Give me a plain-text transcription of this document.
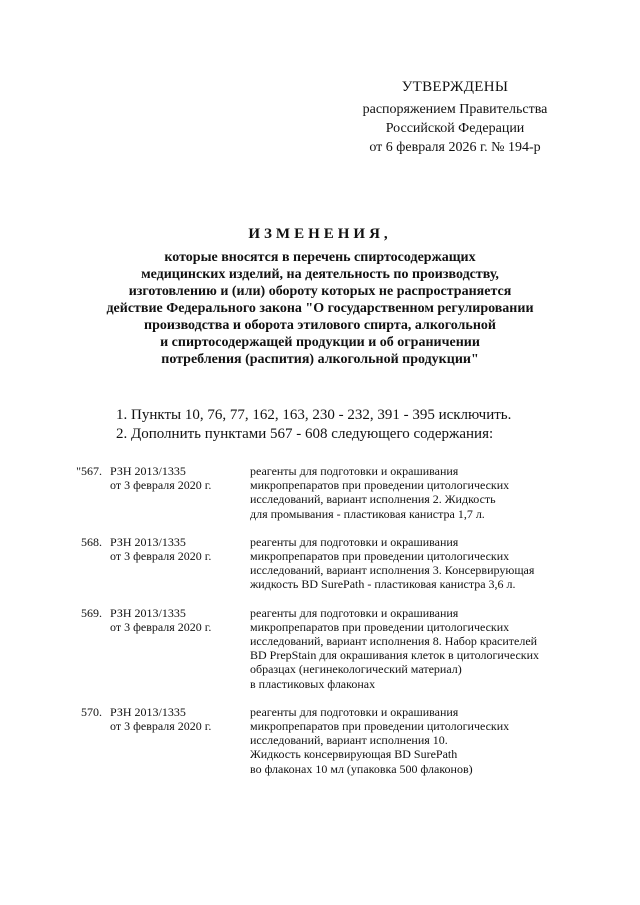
УТВЕРЖДЕНЫ
распоряжением Правительства
Российской Федерации
от 6 февраля 2026 г. № 194-р
ИЗМЕНЕНИЯ,
которые вносятся в перечень спиртосодержащих
медицинских изделий, на деятельность по производству,
изготовлению и (или) обороту которых не распространяется
действие Федерального закона "О государственном регулировании
производства и оборота этилового спирта, алкогольной
и спиртосодержащей продукции и об ограничении
потребления (распития) алкогольной продукции"
1. Пункты 10, 76, 77, 162, 163, 230 - 232, 391 - 395 исключить.
2. Дополнить пунктами 567 - 608 следующего содержания:
"567. РЗН 2013/1335
от 3 февраля 2020 г.
реагенты для подготовки и окрашивания
микропрепаратов при проведении цитологических
исследований, вариант исполнения 2. Жидкость
для промывания - пластиковая канистра 1,7 л.
568. РЗН 2013/1335
от 3 февраля 2020 г.
реагенты для подготовки и окрашивания
микропрепаратов при проведении цитологических
исследований, вариант исполнения 3. Консервирующая
жидкость BD SurePath - пластиковая канистра 3,6 л.
569. РЗН 2013/1335
от 3 февраля 2020 г.
реагенты для подготовки и окрашивания
микропрепаратов при проведении цитологических
исследований, вариант исполнения 8. Набор красителей
BD PrepStain для окрашивания клеток в цитологических
образцах (негинекологический материал)
в пластиковых флаконах
570. РЗН 2013/1335
от 3 февраля 2020 г.
реагенты для подготовки и окрашивания
микропрепаратов при проведении цитологических
исследований, вариант исполнения 10.
Жидкость консервирующая BD SurePath
во флаконах 10 мл (упаковка 500 флаконов)
